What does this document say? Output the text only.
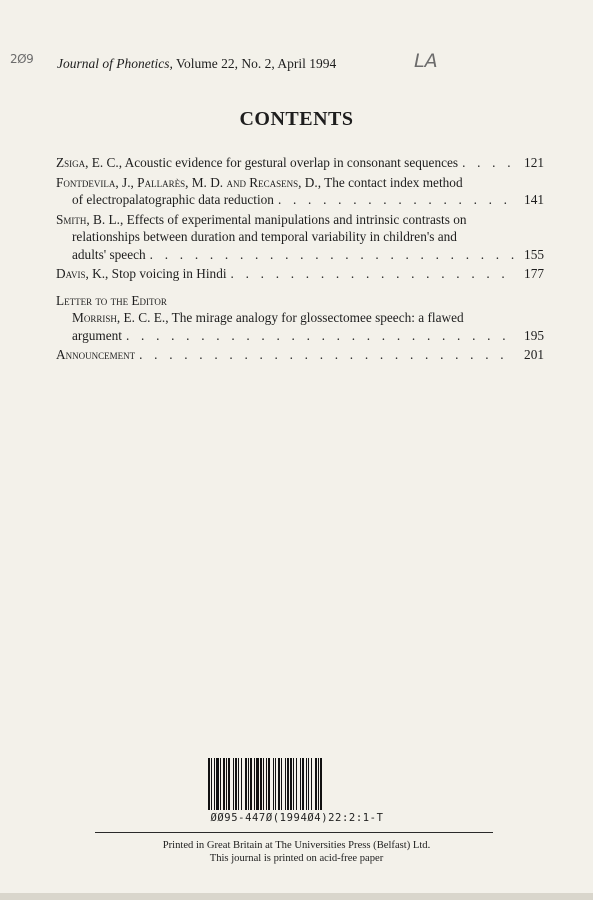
2Ø9	LA
Journal of Phonetics, Volume 22, No. 2, April 1994
CONTENTS
Zsiga, E. C., Acoustic evidence for gestural overlap in consonant sequences . . .	121
Fontdevila, J., Pallarès, M. D. and Recasens, D., The contact index method
of electropalatographic data reduction . . .	141
Smith, B. L., Effects of experimental manipulations and intrinsic contrasts on
relationships between duration and temporal variability in children's and
adults' speech . . .	155
Davis, K., Stop voicing in Hindi . . .	177
Letter to the Editor
Morrish, E. C. E., The mirage analogy for glossectomee speech: a flawed
argument . . .	195
Announcement . . .	201
ØØ95-447Ø(1994Ø4)22:2:1-T
Printed in Great Britain at The Universities Press (Belfast) Ltd.
This journal is printed on acid-free paper
